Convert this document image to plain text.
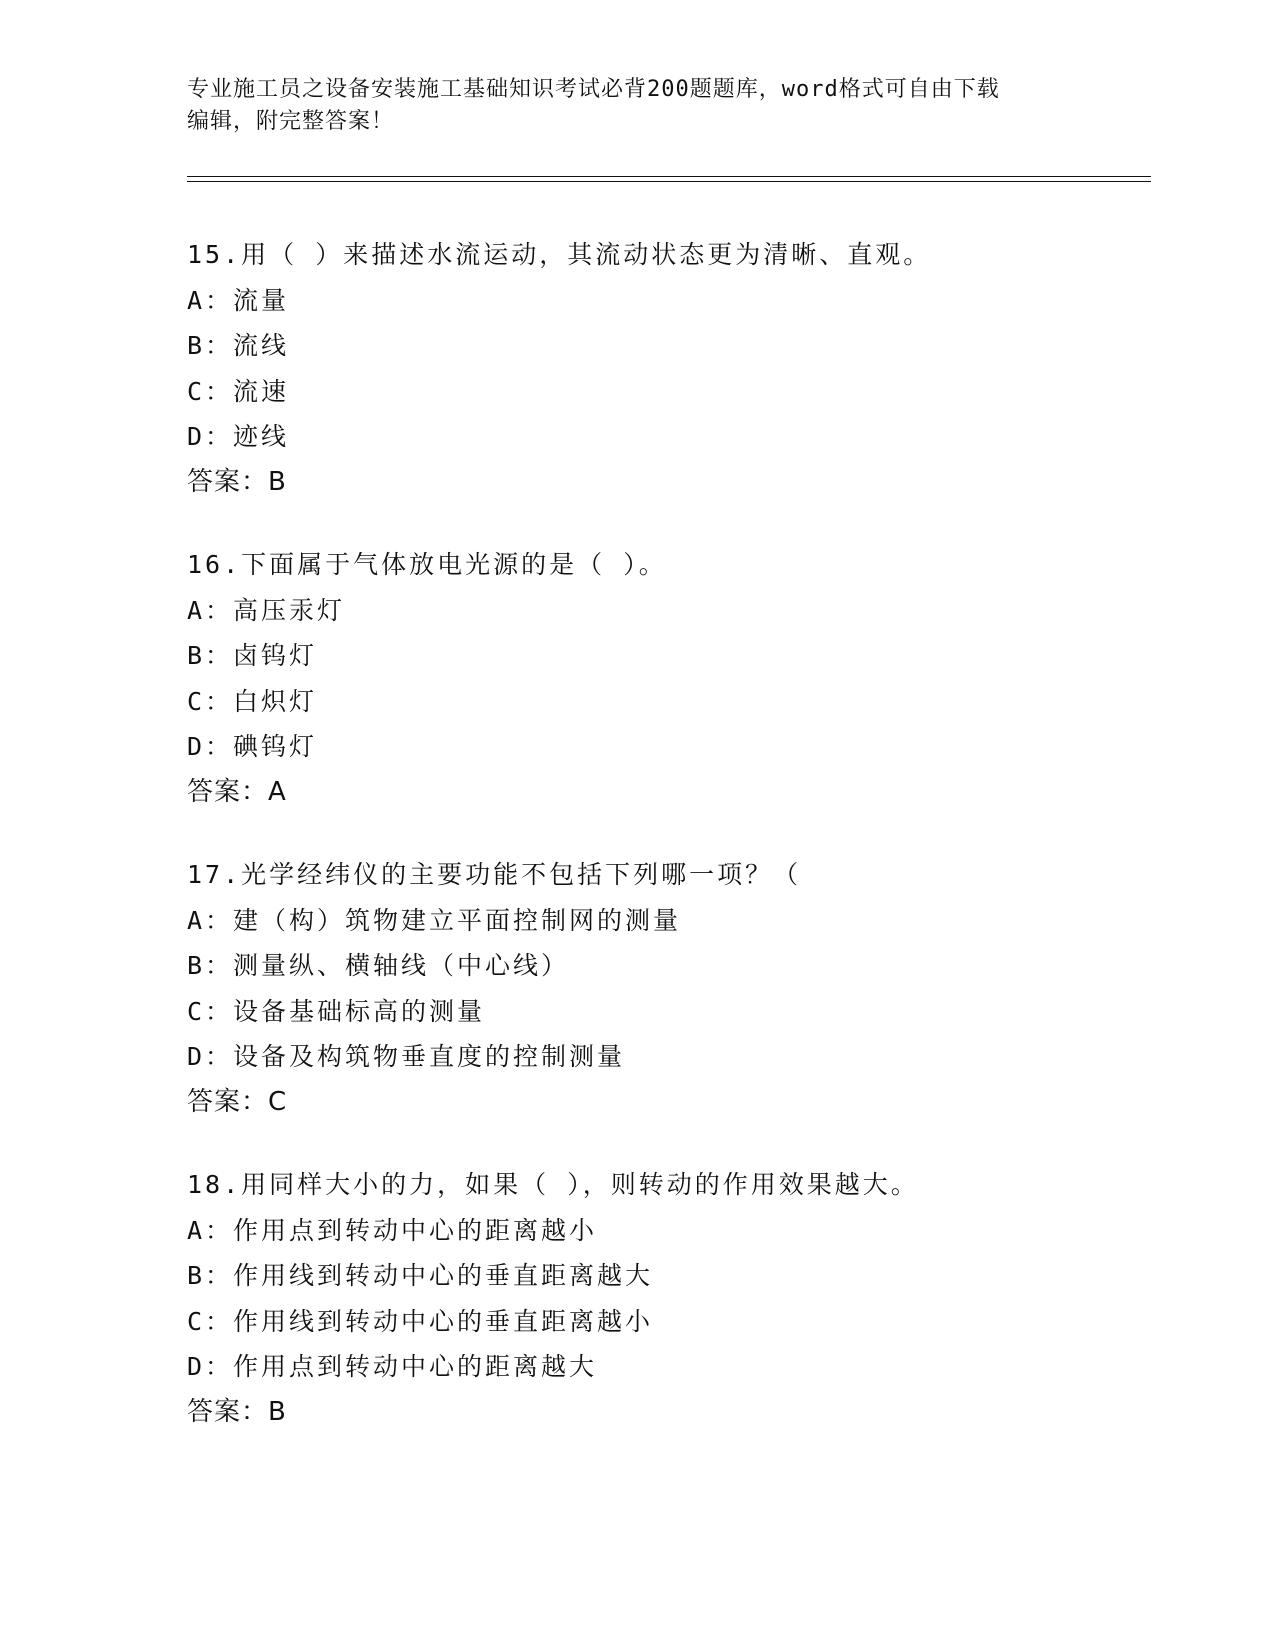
专业施工员之设备安装施工基础知识考试必背200题题库，word格式可自由下载
编辑，附完整答案！
15.用（ ）来描述水流运动，其流动状态更为清晰、直观。
A：流量
B：流线
C：流速
D：迹线
答案：B
16.下面属于气体放电光源的是（ ）。
A：高压汞灯
B：卤钨灯
C：白炽灯
D：碘钨灯
答案：A
17.光学经纬仪的主要功能不包括下列哪一项？（
A：建（构）筑物建立平面控制网的测量
B：测量纵、横轴线（中心线）
C：设备基础标高的测量
D：设备及构筑物垂直度的控制测量
答案：C
18.用同样大小的力，如果（ ），则转动的作用效果越大。
A：作用点到转动中心的距离越小
B：作用线到转动中心的垂直距离越大
C：作用线到转动中心的垂直距离越小
D：作用点到转动中心的距离越大
答案：B
